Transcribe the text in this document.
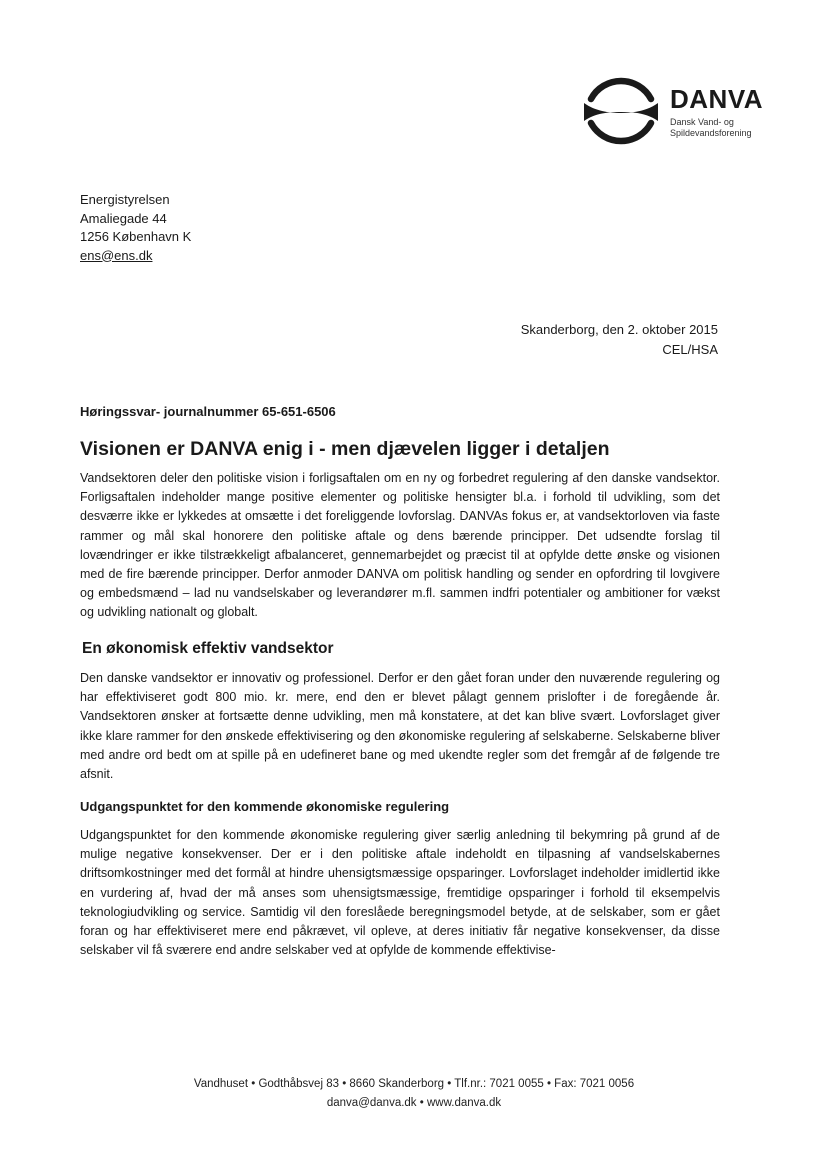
DANVA
Dansk Vand- og
Spildevandsforening
Energistyrelsen
Amaliegade 44
1256 København K
ens@ens.dk
Skanderborg, den 2. oktober 2015
CEL/HSA
Høringssvar- journalnummer 65-651-6506
Visionen er DANVA enig i - men djævelen ligger i detaljen

Vandsektoren deler den politiske vision i forligsaftalen om en ny og forbedret regulering af den danske vandsektor. Forligsaftalen indeholder mange positive elementer og politiske hensigter bl.a. i forhold til udvikling, som det desværre ikke er lykkedes at omsætte i det foreliggende lovforslag. DANVAs fokus er, at vandsektorloven via faste rammer og mål skal honorere den politiske aftale og dens bærende principper. Det udsendte forslag til lovændringer er ikke tilstrækkeligt afbalanceret, gennemarbejdet og præcist til at opfylde dette ønske og visionen med de fire bærende principper. Derfor anmoder DANVA om politisk handling og sender en opfordring til lovgivere og embedsmænd – lad nu vandselskaber og leverandører m.fl. sammen indfri potentialer og ambitioner for vækst og udvikling nationalt og globalt.

En økonomisk effektiv vandsektor

Den danske vandsektor er innovativ og professionel. Derfor er den gået foran under den nuværende regulering og har effektiviseret godt 800 mio. kr. mere, end den er blevet pålagt gennem prislofter i de foregående år. Vandsektoren ønsker at fortsætte denne udvikling, men må konstatere, at det kan blive svært. Lovforslaget giver ikke klare rammer for den ønskede effektivisering og den økonomiske regulering af selskaberne. Selskaberne bliver med andre ord bedt om at spille på en udefineret bane og med ukendte regler som det fremgår af de følgende tre afsnit.

Udgangspunktet for den kommende økonomiske regulering

Udgangspunktet for den kommende økonomiske regulering giver særlig anledning til bekymring på grund af de mulige negative konsekvenser. Der er i den politiske aftale indeholdt en tilpasning af vandselskabernes driftsomkostninger med det formål at hindre uhensigtsmæssige opsparinger. Lovforslaget indeholder imidlertid ikke en vurdering af, hvad der må anses som uhensigtsmæssige, fremtidige opsparinger i forhold til eksempelvis teknologiudvikling og service. Samtidig vil den foreslåede beregningsmodel betyde, at de selskaber, som er gået foran og har effektiviseret mere end påkrævet, vil opleve, at deres initiativ får negative konsekvenser, da disse selskaber vil få sværere end andre selskaber ved at opfylde de kommende effektivise-

Vandhuset • Godthåbsvej 83 • 8660 Skanderborg • Tlf.nr.: 7021 0055 • Fax: 7021 0056
danva@danva.dk • www.danva.dk
